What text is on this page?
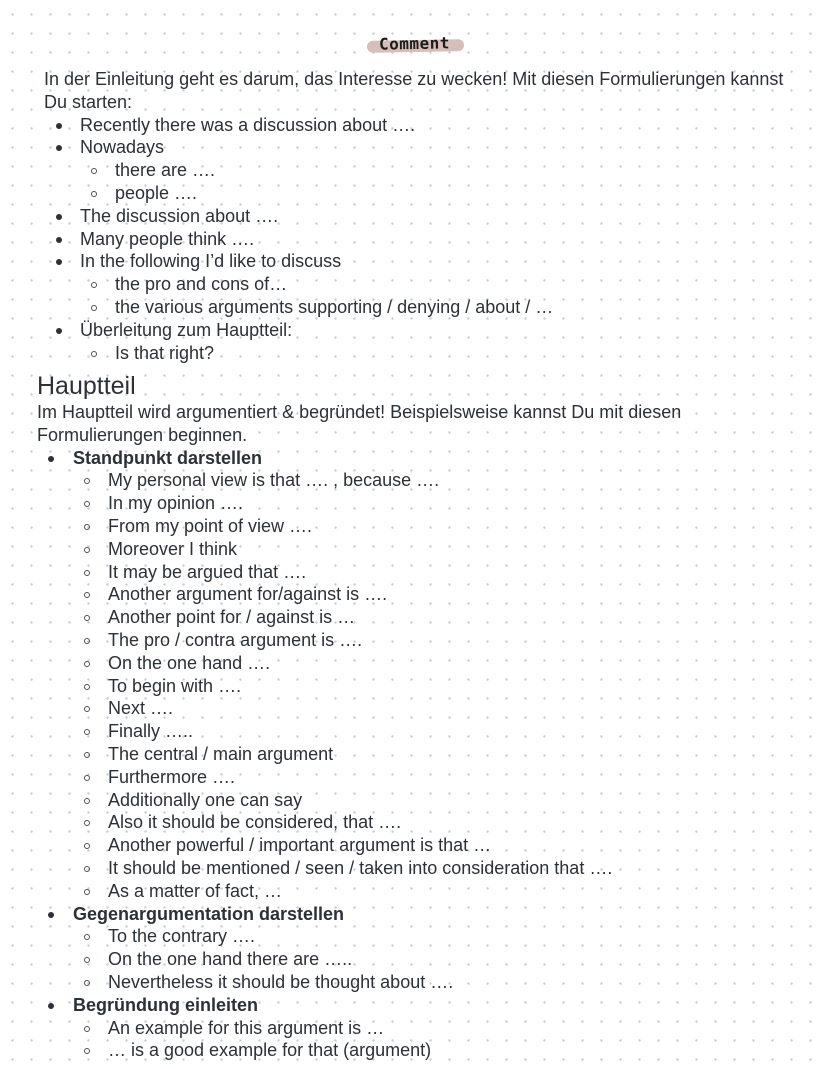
Comment

In der Einleitung geht es darum, das Interesse zu wecken! Mit diesen Formulierungen kannst Du starten:

Recently there was a discussion about ….
Nowadays
there are ….
people ….
The discussion about ….
Many people think ….
In the following I’d like to discuss
the pro and cons of…
the various arguments supporting / denying / about / …
Überleitung zum Hauptteil:
Is that right?
Hauptteil

Im Hauptteil wird argumentiert & begründet! Beispielsweise kannst Du mit diesen Formulierungen beginnen.

Standpunkt darstellen
My personal view is that …. , because ….
In my opinion ….
From my point of view ….
Moreover I think
It may be argued that ….
Another argument for/against is ….
Another point for / against is …
The pro / contra argument is ….
On the one hand ….
To begin with ….
Next ….
Finally …..
The central / main argument
Furthermore ….
Additionally one can say
Also it should be considered, that ….
Another powerful / important argument is that …
It should be mentioned / seen / taken into consideration that ….
As a matter of fact, …
Gegenargumentation darstellen
To the contrary ….
On the one hand there are …..
Nevertheless it should be thought about ….
Begründung einleiten
An example for this argument is …
… is a good example for that (argument)
